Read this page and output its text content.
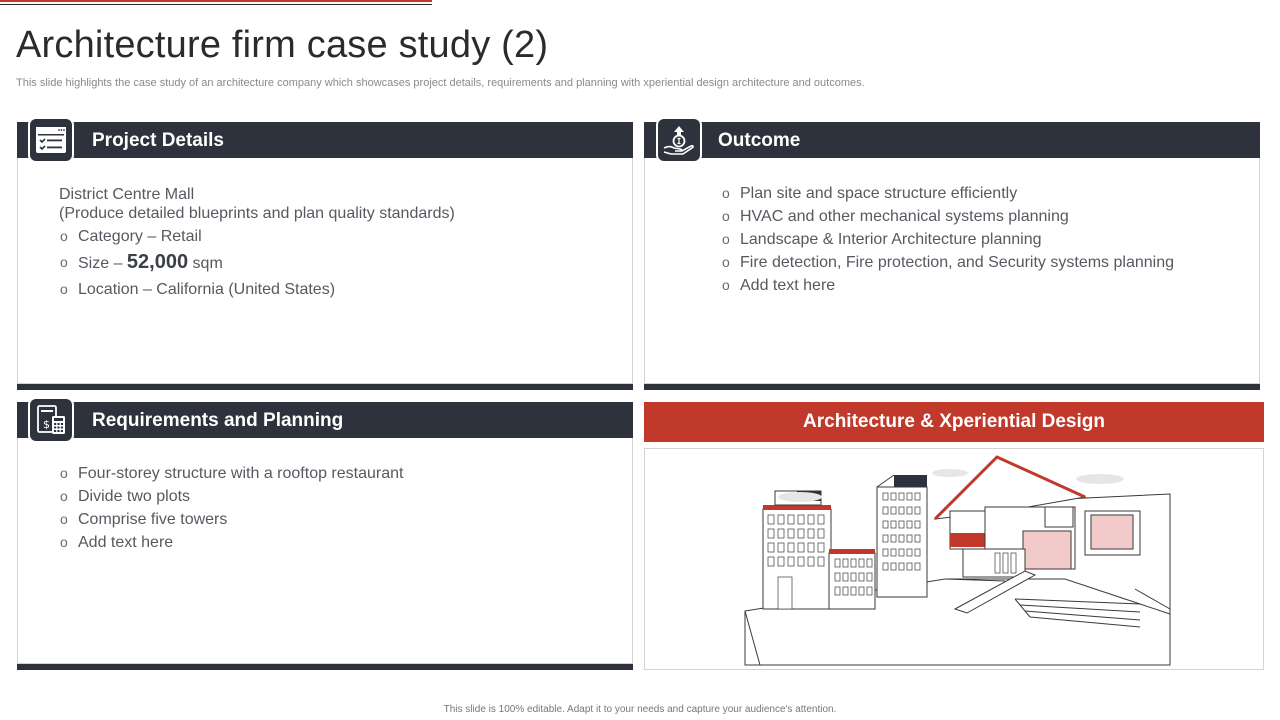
Architecture firm case study (2)

This slide highlights the case study of an architecture company which showcases project details, requirements and planning with xperiential design architecture and outcomes.

Project Details
District Centre Mall
(Produce detailed blueprints and plan quality standards)
o Category – Retail
o Size – 52,000 sqm
o Location – California (United States)
Outcome
o Plan site and space structure efficiently
o HVAC and other mechanical systems planning
o Landscape & Interior Architecture planning
o Fire detection, Fire protection, and Security systems planning
o Add text here
$ Requirements and Planning
o Four-storey structure with a rooftop restaurant
o Divide two plots
o Comprise five towers
o Add text here
Architecture & Xperiential Design
This slide is 100% editable. Adapt it to your needs and capture your audience's attention.
